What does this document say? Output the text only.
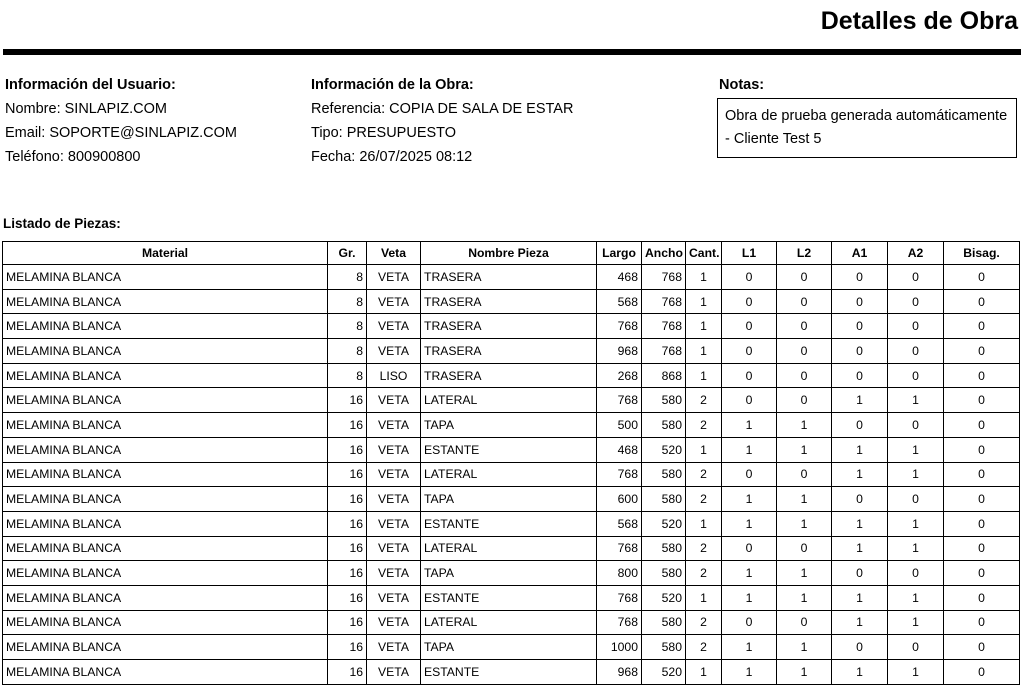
Detalles de Obra
Información del Usuario:
Nombre: SINLAPIZ.COM
Email: SOPORTE@SINLAPIZ.COM
Teléfono: 800900800
Información de la Obra:
Referencia: COPIA DE SALA DE ESTAR
Tipo: PRESUPUESTO
Fecha: 26/07/2025 08:12
Notas:
Obra de prueba generada automáticamente - Cliente Test 5
Listado de Piezas:
Material	Gr.	Veta	Nombre Pieza	Largo	Ancho	Cant.	L1	L2	A1	A2	Bisag.
MELAMINA BLANCA	8	VETA	TRASERA	468	768	1	0	0	0	0	0
MELAMINA BLANCA	8	VETA	TRASERA	568	768	1	0	0	0	0	0
MELAMINA BLANCA	8	VETA	TRASERA	768	768	1	0	0	0	0	0
MELAMINA BLANCA	8	VETA	TRASERA	968	768	1	0	0	0	0	0
MELAMINA BLANCA	8	LISO	TRASERA	268	868	1	0	0	0	0	0
MELAMINA BLANCA	16	VETA	LATERAL	768	580	2	0	0	1	1	0
MELAMINA BLANCA	16	VETA	TAPA	500	580	2	1	1	0	0	0
MELAMINA BLANCA	16	VETA	ESTANTE	468	520	1	1	1	1	1	0
MELAMINA BLANCA	16	VETA	LATERAL	768	580	2	0	0	1	1	0
MELAMINA BLANCA	16	VETA	TAPA	600	580	2	1	1	0	0	0
MELAMINA BLANCA	16	VETA	ESTANTE	568	520	1	1	1	1	1	0
MELAMINA BLANCA	16	VETA	LATERAL	768	580	2	0	0	1	1	0
MELAMINA BLANCA	16	VETA	TAPA	800	580	2	1	1	0	0	0
MELAMINA BLANCA	16	VETA	ESTANTE	768	520	1	1	1	1	1	0
MELAMINA BLANCA	16	VETA	LATERAL	768	580	2	0	0	1	1	0
MELAMINA BLANCA	16	VETA	TAPA	1000	580	2	1	1	0	0	0
MELAMINA BLANCA	16	VETA	ESTANTE	968	520	1	1	1	1	1	0
